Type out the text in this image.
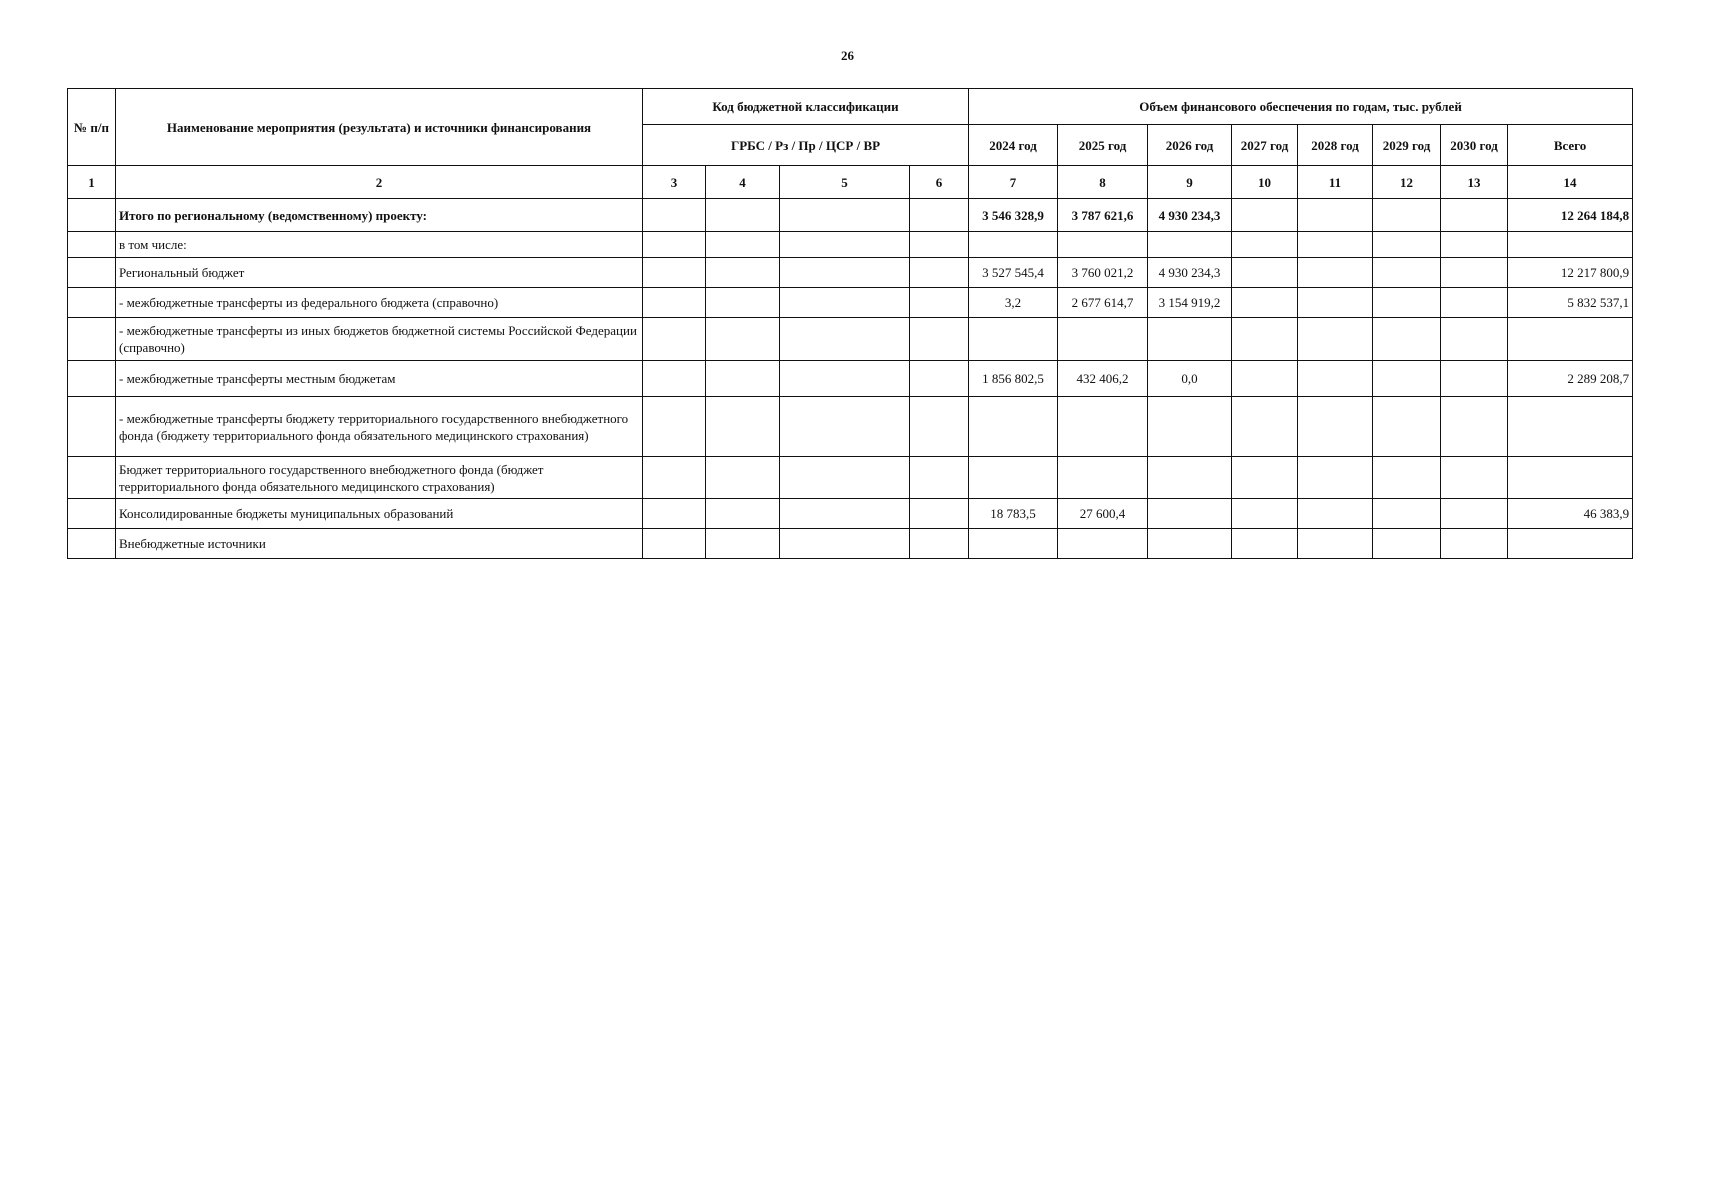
26
№ п/п	Наименование мероприятия (результата) и источники финансирования	Код бюджетной классификации				Объем финансового обеспечения по годам, тыс. рублей							
		ГРБС / Рз / Пр / ЦСР / ВР				2024 год	2025 год	2026 год	2027 год	2028 год	2029 год	2030 год	Всего
1	2	3	4	5	6	7	8	9	10	11	12	13	14
	Итого по региональному (ведомственному) проекту:					3 546 328,9	3 787 621,6	4 930 234,3					12 264 184,8
	в том числе:												
	Региональный бюджет					3 527 545,4	3 760 021,2	4 930 234,3					12 217 800,9
	- межбюджетные трансферты из федерального бюджета (справочно)					3,2	2 677 614,7	3 154 919,2					5 832 537,1
	- межбюджетные трансферты из иных бюджетов бюджетной системы Российской Федерации (справочно)												
	- межбюджетные трансферты местным бюджетам					1 856 802,5	432 406,2	0,0					2 289 208,7
	- межбюджетные трансферты бюджету территориального государственного внебюджетного фонда (бюджету территориального фонда обязательного медицинского страхования)												
	Бюджет территориального государственного внебюджетного фонда (бюджет территориального фонда обязательного медицинского страхования)												
	Консолидированные бюджеты муниципальных образований					18 783,5	27 600,4						46 383,9
	Внебюджетные источники												
